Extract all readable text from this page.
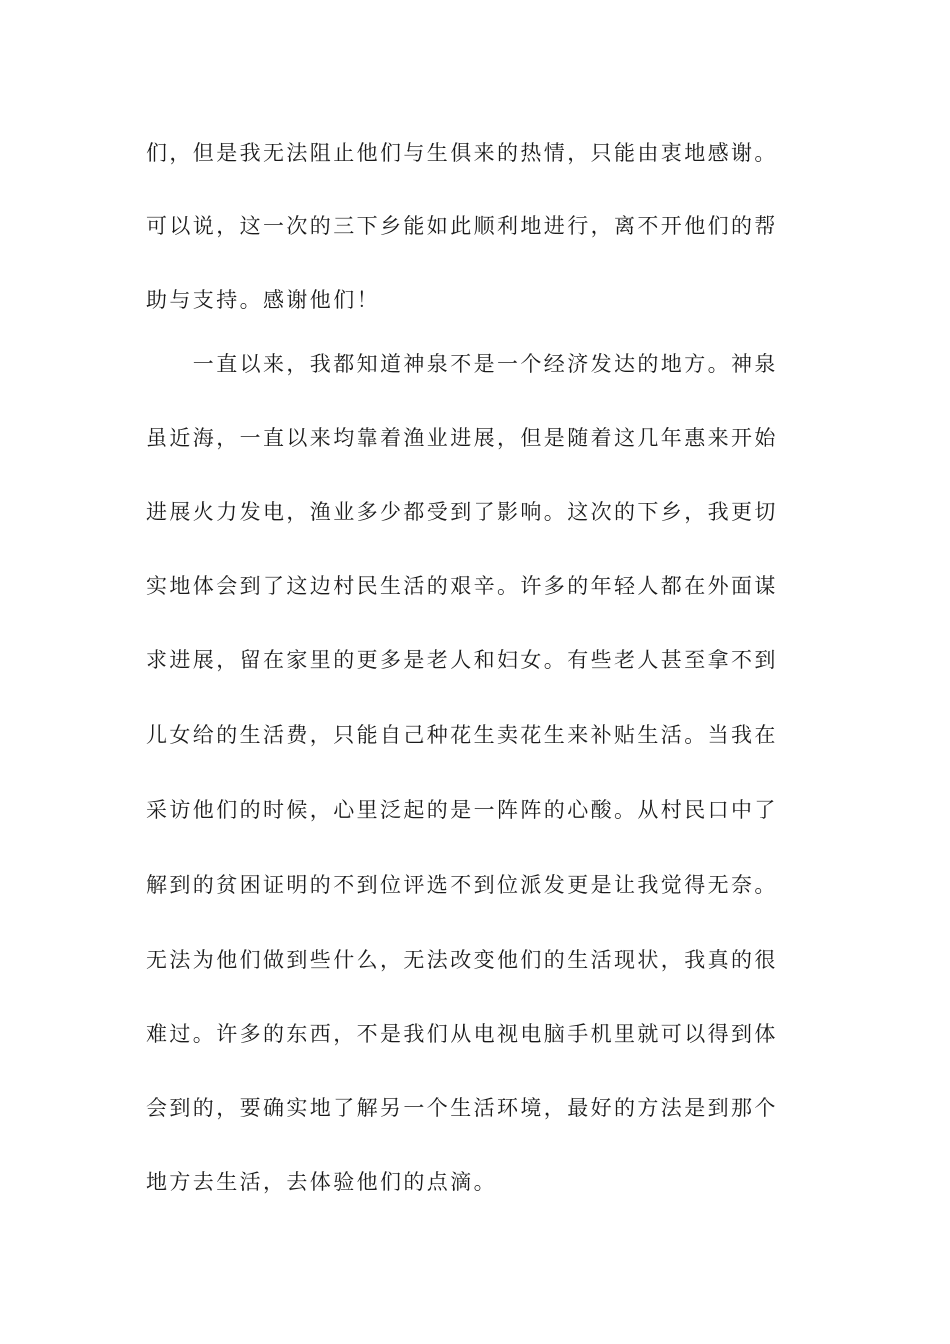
们，但是我无法阻止他们与生俱来的热情，只能由衷地感谢。
可以说，这一次的三下乡能如此顺利地进行，离不开他们的帮
助与支持。感谢他们！
　　一直以来，我都知道神泉不是一个经济发达的地方。神泉
虽近海，一直以来均靠着渔业进展，但是随着这几年惠来开始
进展火力发电，渔业多少都受到了影响。这次的下乡，我更切
实地体会到了这边村民生活的艰辛。许多的年轻人都在外面谋
求进展，留在家里的更多是老人和妇女。有些老人甚至拿不到
儿女给的生活费，只能自己种花生卖花生来补贴生活。当我在
采访他们的时候，心里泛起的是一阵阵的心酸。从村民口中了
解到的贫困证明的不到位评选不到位派发更是让我觉得无奈。
无法为他们做到些什么，无法改变他们的生活现状，我真的很
难过。许多的东西，不是我们从电视电脑手机里就可以得到体
会到的，要确实地了解另一个生活环境，最好的方法是到那个
地方去生活，去体验他们的点滴。
